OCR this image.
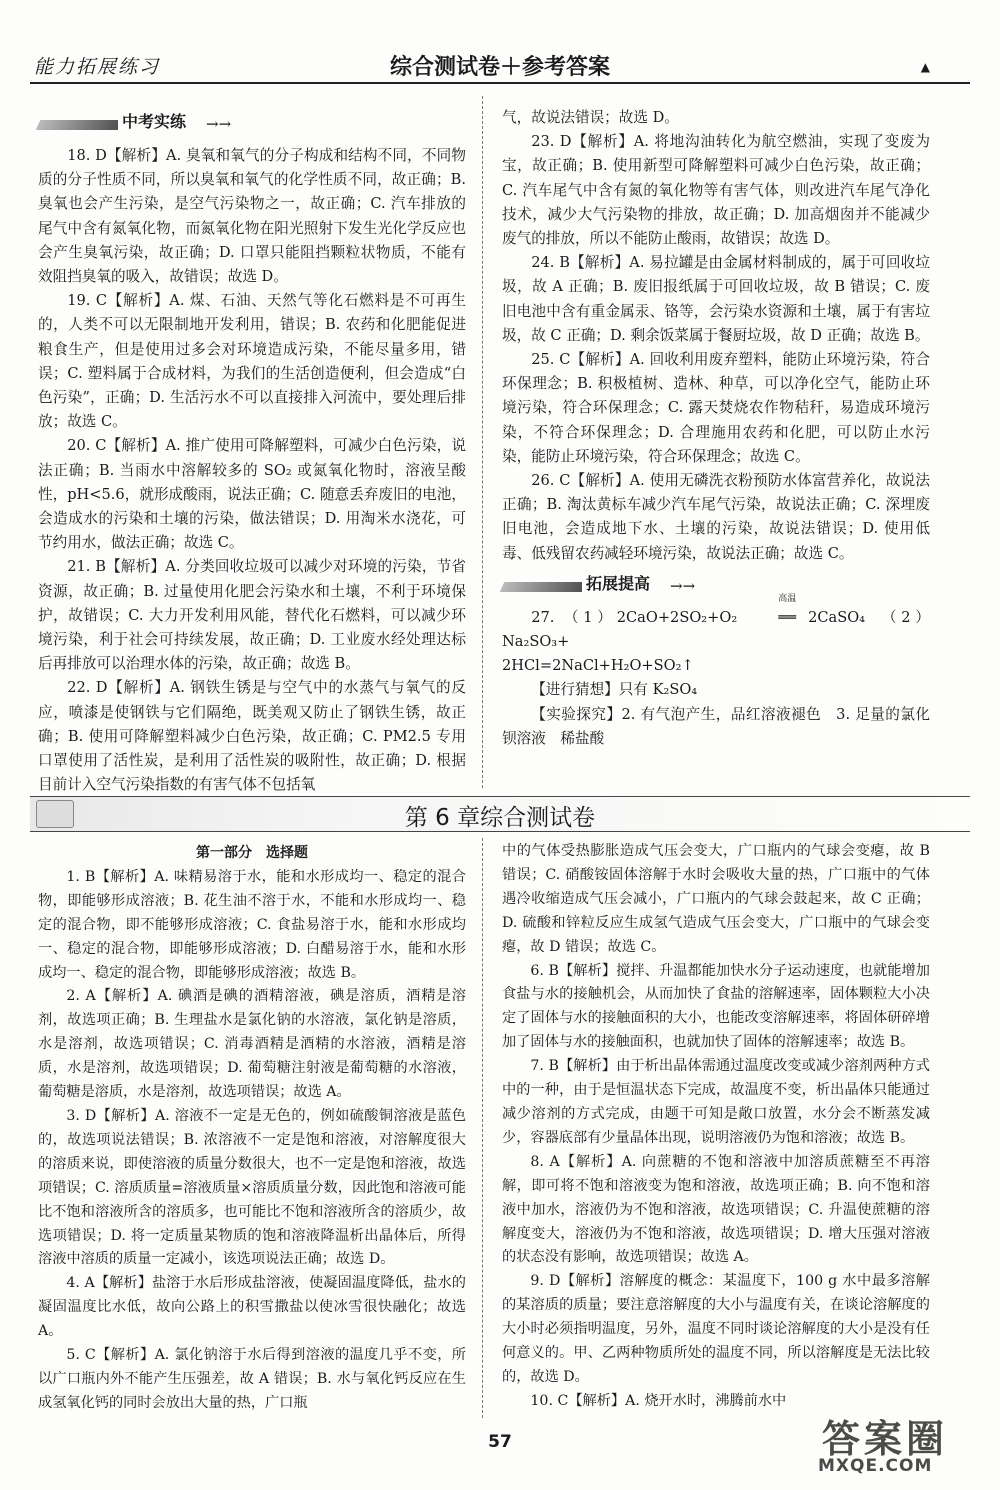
能力拓展练习	综合测试卷＋参考答案	▲
中考实练 →→

18. D【解析】A. 臭氧和氧气的分子构成和结构不同，不同物质的分子性质不同，所以臭氧和氧气的化学性质不同，故正确；B. 臭氧也会产生污染，是空气污染物之一，故正确；C. 汽车排放的尾气中含有氮氧化物，而氮氧化物在阳光照射下发生光化学反应也会产生臭氧污染，故正确；D. 口罩只能阻挡颗粒状物质，不能有效阻挡臭氧的吸入，故错误；故选 D。

19. C【解析】A. 煤、石油、天然气等化石燃料是不可再生的，人类不可以无限制地开发利用，错误；B. 农药和化肥能促进粮食生产，但是使用过多会对环境造成污染，不能尽量多用，错误；C. 塑料属于合成材料，为我们的生活创造便利，但会造成“白色污染”，正确；D. 生活污水不可以直接排入河流中，要处理后排放；故选 C。

20. C【解析】A. 推广使用可降解塑料，可减少白色污染，说法正确；B. 当雨水中溶解较多的 SO₂ 或氮氧化物时，溶液呈酸性，pH<5.6，就形成酸雨，说法正确；C. 随意丢弃废旧的电池，会造成水的污染和土壤的污染，做法错误；D. 用淘米水浇花，可节约用水，做法正确；故选 C。

21. B【解析】A. 分类回收垃圾可以减少对环境的污染，节省资源，故正确；B. 过量使用化肥会污染水和土壤，不利于环境保护，故错误；C. 大力开发利用风能，替代化石燃料，可以减少环境污染，利于社会可持续发展，故正确；D. 工业废水经处理达标后再排放可以治理水体的污染，故正确；故选 B。

22. D【解析】A. 钢铁生锈是与空气中的水蒸气与氧气的反应，喷漆是使钢铁与它们隔绝，既美观又防止了钢铁生锈，故正确；B. 使用可降解塑料减少白色污染，故正确；C. PM2.5 专用口罩使用了活性炭，是利用了活性炭的吸附性，故正确；D. 根据目前计入空气污染指数的有害气体不包括氧

气，故说法错误；故选 D。

23. D【解析】A. 将地沟油转化为航空燃油，实现了变废为宝，故正确；B. 使用新型可降解塑料可减少白色污染，故正确；C. 汽车尾气中含有氮的氧化物等有害气体，则改进汽车尾气净化技术，减少大气污染物的排放，故正确；D. 加高烟囱并不能减少废气的排放，所以不能防止酸雨，故错误；故选 D。

24. B【解析】A. 易拉罐是由金属材料制成的，属于可回收垃圾，故 A 正确；B. 废旧报纸属于可回收垃圾，故 B 错误；C. 废旧电池中含有重金属汞、铬等，会污染水资源和土壤，属于有害垃圾，故 C 正确；D. 剩余饭菜属于餐厨垃圾，故 D 正确；故选 B。

25. C【解析】A. 回收利用废弃塑料，能防止环境污染，符合环保理念；B. 积极植树、造林、种草，可以净化空气，能防止环境污染，符合环保理念；C. 露天焚烧农作物秸秆，易造成环境污染，不符合环保理念；D. 合理施用农药和化肥，可以防止水污染，能防止环境污染，符合环保理念；故选 C。

26. C【解析】A. 使用无磷洗衣粉预防水体富营养化，故说法正确；B. 淘汰黄标车减少汽车尾气污染，故说法正确；C. 深埋废旧电池，会造成地下水、土壤的污染，故说法错误；D. 使用低毒、低残留农药减轻环境污染，故说法正确；故选 C。

拓展提高 →→

27. （1）2CaO+2SO₂+O₂
高温
══ 2CaSO₄　（2）Na₂SO₃+

2HCl=2NaCl+H₂O+SO₂↑

【进行猜想】只有 K₂SO₄

【实验探究】2. 有气泡产生，品红溶液褪色　3. 足量的氯化钡溶液　稀盐酸

第 6 章综合测试卷

第一部分　选择题

1. B【解析】A. 味精易溶于水，能和水形成均一、稳定的混合物，即能够形成溶液；B. 花生油不溶于水，不能和水形成均一、稳定的混合物，即不能够形成溶液；C. 食盐易溶于水，能和水形成均一、稳定的混合物，即能够形成溶液；D. 白醋易溶于水，能和水形成均一、稳定的混合物，即能够形成溶液；故选 B。

2. A【解析】A. 碘酒是碘的酒精溶液，碘是溶质，酒精是溶剂，故选项正确；B. 生理盐水是氯化钠的水溶液，氯化钠是溶质，水是溶剂，故选项错误；C. 消毒酒精是酒精的水溶液，酒精是溶质，水是溶剂，故选项错误；D. 葡萄糖注射液是葡萄糖的水溶液，葡萄糖是溶质，水是溶剂，故选项错误；故选 A。

3. D【解析】A. 溶液不一定是无色的，例如硫酸铜溶液是蓝色的，故选项说法错误；B. 浓溶液不一定是饱和溶液，对溶解度很大的溶质来说，即使溶液的质量分数很大，也不一定是饱和溶液，故选项错误；C. 溶质质量=溶液质量×溶质质量分数，因此饱和溶液可能比不饱和溶液所含的溶质多，也可能比不饱和溶液所含的溶质少，故选项错误；D. 将一定质量某物质的饱和溶液降温析出晶体后，所得溶液中溶质的质量一定减小，该选项说法正确；故选 D。

4. A【解析】盐溶于水后形成盐溶液，使凝固温度降低，盐水的凝固温度比水低，故向公路上的积雪撒盐以使冰雪很快融化；故选 A。

5. C【解析】A. 氯化钠溶于水后得到溶液的温度几乎不变，所以广口瓶内外不能产生压强差，故 A 错误；B. 水与氧化钙反应在生成氢氧化钙的同时会放出大量的热，广口瓶

中的气体受热膨胀造成气压会变大，广口瓶内的气球会变瘪，故 B 错误；C. 硝酸铵固体溶解于水时会吸收大量的热，广口瓶中的气体遇冷收缩造成气压会减小，广口瓶内的气球会鼓起来，故 C 正确；D. 硫酸和锌粒反应生成氢气造成气压会变大，广口瓶中的气球会变瘪，故 D 错误；故选 C。

6. B【解析】搅拌、升温都能加快水分子运动速度，也就能增加食盐与水的接触机会，从而加快了食盐的溶解速率，固体颗粒大小决定了固体与水的接触面积的大小，也能改变溶解速率，将固体研碎增加了固体与水的接触面积，也就加快了固体的溶解速率；故选 B。

7. B【解析】由于析出晶体需通过温度改变或减少溶剂两种方式中的一种，由于是恒温状态下完成，故温度不变，析出晶体只能通过减少溶剂的方式完成，由题干可知是敞口放置，水分会不断蒸发减少，容器底部有少量晶体出现，说明溶液仍为饱和溶液；故选 B。

8. A【解析】A. 向蔗糖的不饱和溶液中加溶质蔗糖至不再溶解，即可将不饱和溶液变为饱和溶液，故选项正确；B. 向不饱和溶液中加水，溶液仍为不饱和溶液，故选项错误；C. 升温使蔗糖的溶解度变大，溶液仍为不饱和溶液，故选项错误；D. 增大压强对溶液的状态没有影响，故选项错误；故选 A。

9. D【解析】溶解度的概念：某温度下，100 g 水中最多溶解的某溶质的质量；要注意溶解度的大小与温度有关，在谈论溶解度的大小时必须指明温度，另外，温度不同时谈论溶解度的大小是没有任何意义的。甲、乙两种物质所处的温度不同，所以溶解度是无法比较的，故选 D。

10. C【解析】A. 烧开水时，沸腾前水中

57	答案圈
MXQE.COM
